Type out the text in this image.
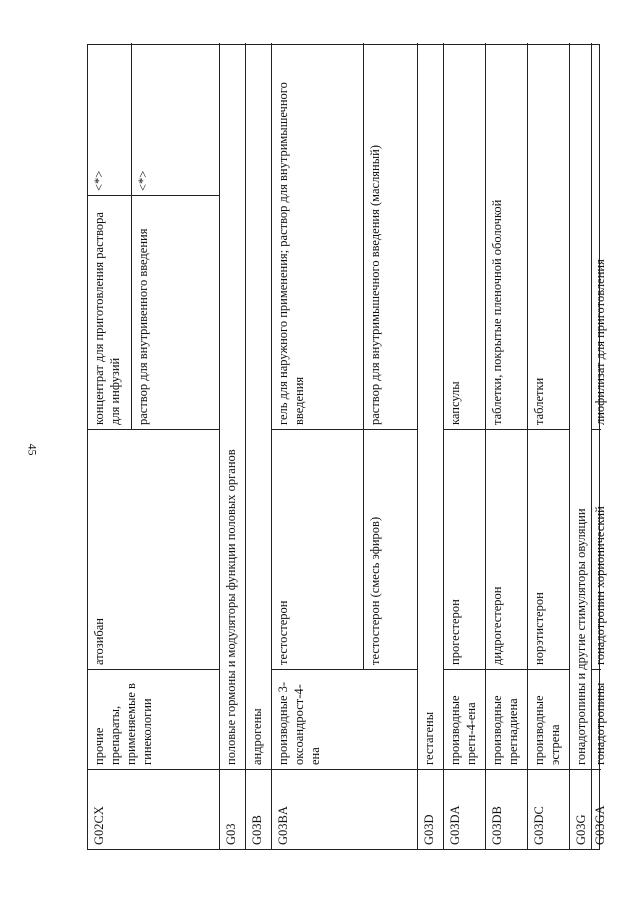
45
G02CX
прочие препараты, применяемые в гинекологии
атозибан
концентрат для приготовления раствора для инфузий
<*>
раствор для внутривенного введения
<*>
G03
половые гормоны и модуляторы функции половых органов
G03B
андрогены
G03BA
производные 3-оксоандрост-4-ена
тестостерон
гель для наружного применения; раствор для внутримышечного введения
тестостерон (смесь эфиров)
раствор для внутримышечного введения (масляный)
G03D
гестагены
G03DA
производные прегн-4-ена
прогестерон
капсулы
G03DB
производные прегнадиена
дидрогестерон
таблетки, покрытые пленочной оболочкой
G03DC
производные эстрена
норэтистерон
таблетки
G03G
гонадотропины и другие стимуляторы овуляции
G03GA
гонадотропины
гонадотропин хорионический
лиофилизат для приготовления
